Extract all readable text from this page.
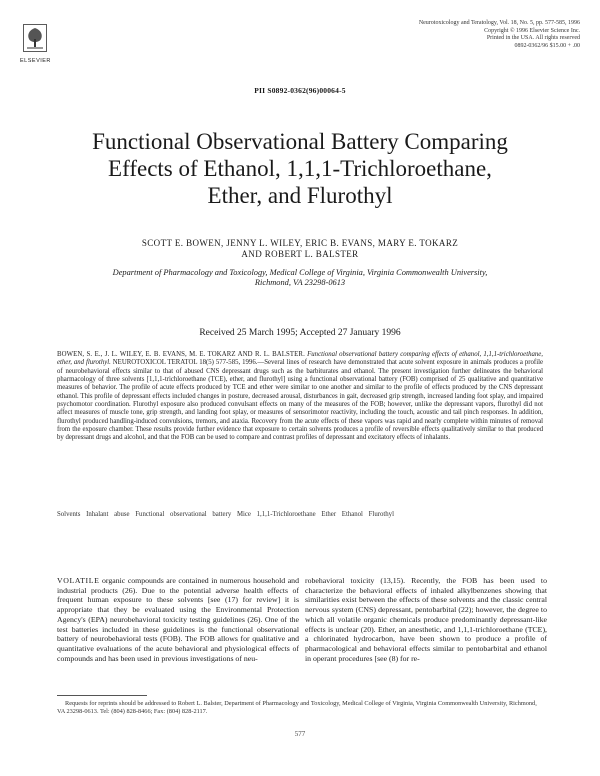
ELSEVIER
Neurotoxicology and Teratology, Vol. 18, No. 5, pp. 577-585, 1996
Copyright © 1996 Elsevier Science Inc.
Printed in the USA. All rights reserved
0892-0362/96 $15.00 + .00
PII S0892-0362(96)00064-5
Functional Observational Battery Comparing
Effects of Ethanol, 1,1,1-Trichloroethane,
Ether, and Flurothyl
SCOTT E. BOWEN, JENNY L. WILEY, ERIC B. EVANS, MARY E. TOKARZ
AND ROBERT L. BALSTER
Department of Pharmacology and Toxicology, Medical College of Virginia, Virginia Commonwealth University,
Richmond, VA 23298-0613
Received 25 March 1995; Accepted 27 January 1996

BOWEN, S. E., J. L. WILEY, E. B. EVANS, M. E. TOKARZ AND R. L. BALSTER. Functional observational battery comparing effects of ethanol, 1,1,1-trichloroethane, ether, and flurothyl. NEUROTOXICOL TERATOL 18(5) 577-585, 1996.—Several lines of research have demonstrated that acute solvent exposure in animals produces a profile of neurobehavioral effects similar to that of abused CNS depressant drugs such as the barbiturates and ethanol. The present investigation further delineates the behavioral pharmacology of three solvents [1,1,1-trichloroethane (TCE), ether, and flurothyl] using a functional observational battery (FOB) comprised of 25 qualitative and quantitative measures of behavior. The profile of acute effects produced by TCE and ether were similar to one another and similar to the profile of effects produced by the CNS depressant ethanol. This profile of depressant effects included changes in posture, decreased arousal, disturbances in gait, decreased grip strength, increased landing foot splay, and impaired psychomotor coordination. Flurothyl exposure also produced convulsant effects on many of the measures of the FOB; however, unlike the depressant vapors, flurothyl did not affect measures of muscle tone, grip strength, and landing foot splay, or measures of sensorimotor reactivity, including the touch, acoustic and tail pinch responses. In addition, flurothyl produced handling-induced convulsions, tremors, and ataxia. Recovery from the acute effects of these vapors was rapid and nearly complete within minutes of removal from the exposure chamber. These results provide further evidence that exposure to certain solvents produces a profile of reversible effects qualitatively similar to that produced by depressant drugs and alcohol, and that the FOB can be used to compare and contrast profiles of depressant and excitatory effects of inhalants.

Solvents Inhalant abuse Functional observational battery Mice 1,1,1-Trichloroethane Ether Ethanol Flurothyl

VOLATILE organic compounds are contained in numerous household and industrial products (26). Due to the potential adverse health effects of frequent human exposure to these solvents [see (17) for review] it is appropriate that they be evaluated using the Environmental Protection Agency's (EPA) neurobehavioral toxicity testing guidelines (26). One of the test batteries included in these guidelines is the functional observational battery of neurobehavioral tests (FOB). The FOB allows for qualitative and quantitative evaluations of the acute behavioral and physiological effects of compounds and has been used in previous investigations of neu-

robehavioral toxicity (13,15). Recently, the FOB has been used to characterize the behavioral effects of inhaled alkylbenzenes showing that similarities exist between the effects of these solvents and the classic central nervous system (CNS) depressant, pentobarbital (22); however, the degree to which all volatile organic chemicals produce predominantly depressant-like effects is unclear (20). Ether, an anesthetic, and 1,1,1-trichloroethane (TCE), a chlorinated hydrocarbon, have been shown to produce a profile of pharmacological and behavioral effects similar to pentobarbital and ethanol in operant procedures [see (8) for re-

Requests for reprints should be addressed to Robert L. Balster, Department of Pharmacology and Toxicology, Medical College of Virginia, Virginia Commonwealth University, Richmond, VA 23298-0613. Tel: (804) 828-8466; Fax: (804) 828-2117.

577
